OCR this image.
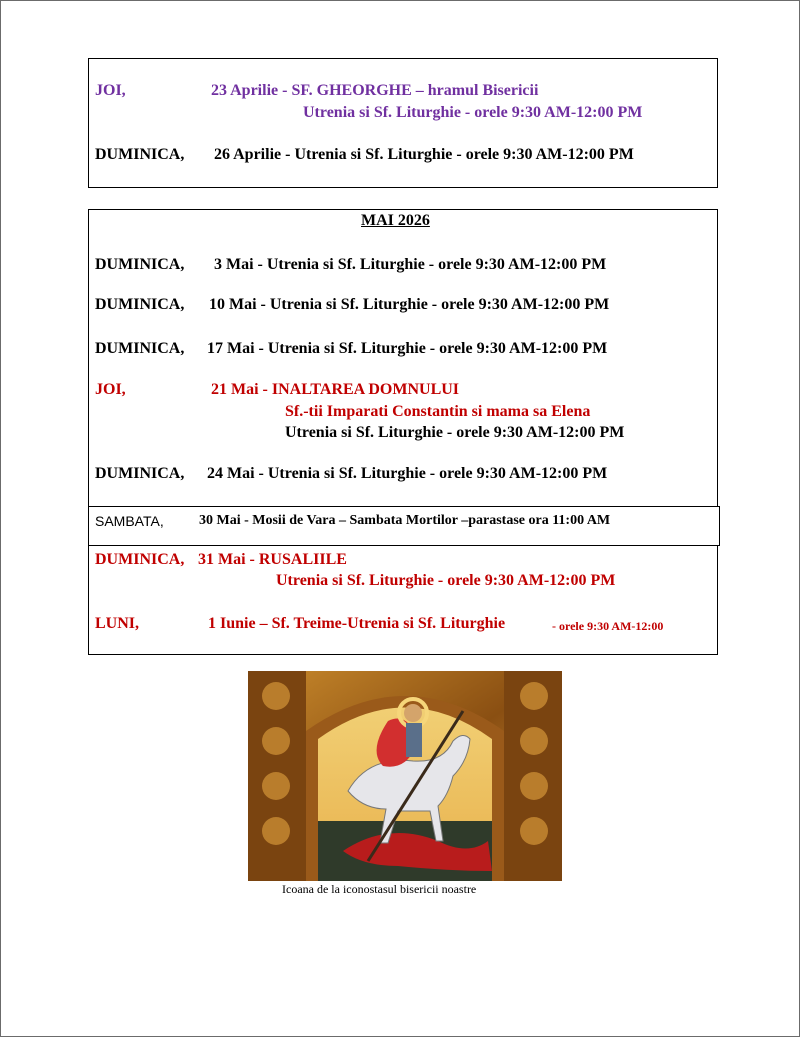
JOI,	23 Aprilie - SF. GHEORGHE – hramul Bisericii
Utrenia si Sf. Liturghie - orele 9:30 AM-12:00 PM
DUMINICA, 26 Aprilie - Utrenia si Sf. Liturghie - orele 9:30 AM-12:00 PM
MAI 2026
DUMINICA, 3 Mai - Utrenia si Sf. Liturghie - orele 9:30 AM-12:00 PM
DUMINICA, 10 Mai - Utrenia si Sf. Liturghie - orele 9:30 AM-12:00 PM
DUMINICA, 17 Mai - Utrenia si Sf. Liturghie - orele 9:30 AM-12:00 PM
JOI,	21 Mai - INALTAREA DOMNULUI
Sf.-tii Imparati Constantin si mama sa Elena
Utrenia si Sf. Liturghie - orele 9:30 AM-12:00 PM
DUMINICA, 24 Mai - Utrenia si Sf. Liturghie - orele 9:30 AM-12:00 PM
SAMBATA,	30 Mai - Mosii de Vara – Sambata Mortilor –parastase ora 11:00 AM
DUMINICA, 31 Mai - RUSALIILE
Utrenia si Sf. Liturghie - orele 9:30 AM-12:00 PM
LUNI,	1 Iunie – Sf. Treime-Utrenia si Sf. Liturghie	- orele 9:30 AM-12:00
Icoana de la iconostasul bisericii noastre
